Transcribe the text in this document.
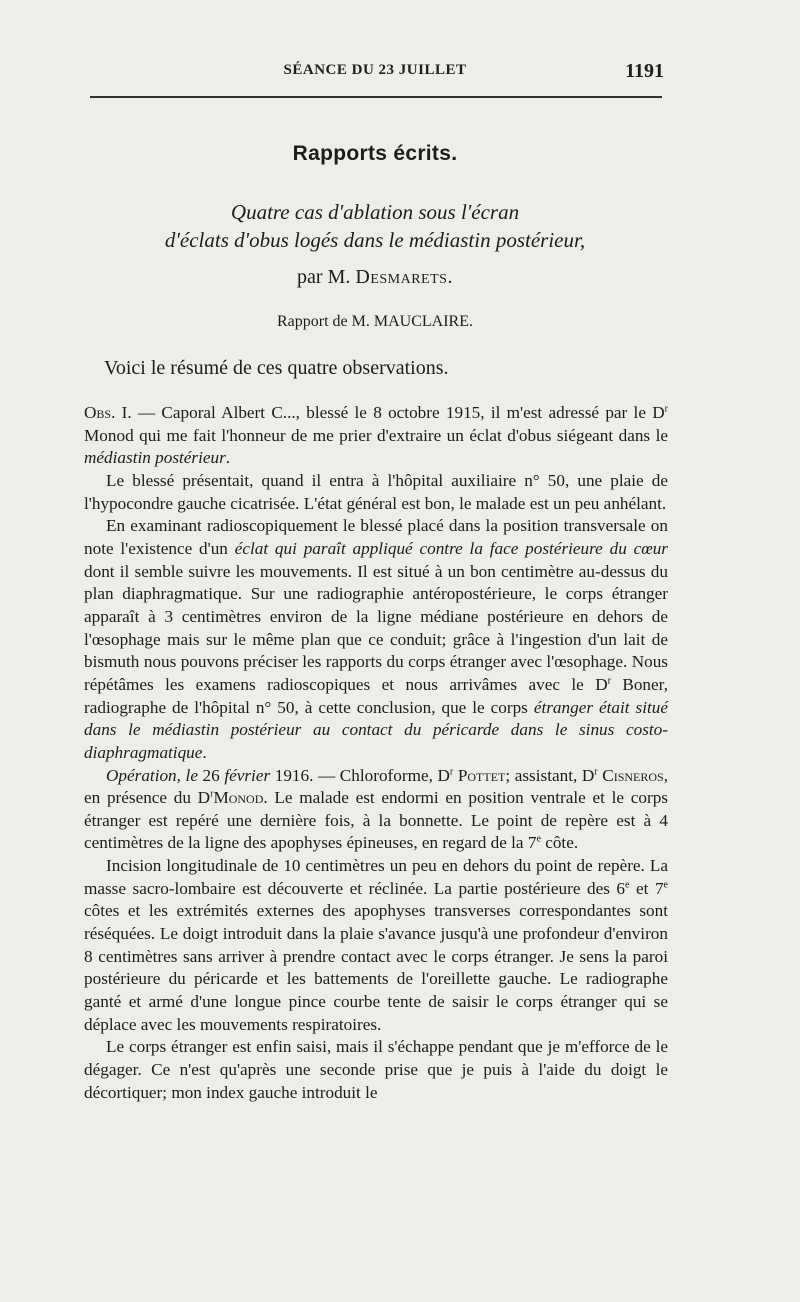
SÉANCE DU 23 JUILLET	1191
Rapports écrits.
Quatre cas d'ablation sous l'écran
d'éclats d'obus logés dans le médiastin postérieur,
par M. Desmarets.
Rapport de M. MAUCLAIRE.
Voici le résumé de ces quatre observations.

Obs. I. — Caporal Albert C..., blessé le 8 octobre 1915, il m'est adressé par le $D^r$ Monod qui me fait l'honneur de me prier d'extraire un éclat d'obus siégeant dans le médiastin postérieur.

Le blessé présentait, quand il entra à l'hôpital auxiliaire n° 50, une plaie de l'hypocondre gauche cicatrisée. L'état général est bon, le malade est un peu anhélant.

En examinant radioscopiquement le blessé placé dans la position transversale on note l'existence d'un éclat qui paraît appliqué contre la face postérieure du cœur dont il semble suivre les mouvements. Il est situé à un bon centimètre au-dessus du plan diaphragmatique. Sur une radiographie antéropostérieure, le corps étranger apparaît à 3 centimètres environ de la ligne médiane postérieure en dehors de l'œsophage mais sur le même plan que ce conduit; grâce à l'ingestion d'un lait de bismuth nous pouvons préciser les rapports du corps étranger avec l'œsophage. Nous répétâmes les examens radioscopiques et nous arrivâmes avec le $D^r$ Boner, radiographe de l'hôpital n° 50, à cette conclusion, que le corps étranger était situé dans le médiastin postérieur au contact du péricarde dans le sinus costo-diaphragmatique.

Opération, le 26 février 1916. — Chloroforme, $D^r$ Pottet; assistant, $D^r$ Cisneros, en présence du $D^rMonod$. Le malade est endormi en position ventrale et le corps étranger est repéré une dernière fois, à la bonnette. Le point de repère est à 4 centimètres de la ligne des apophyses épineuses, en regard de la 7e côte.

Incision longitudinale de 10 centimètres un peu en dehors du point de repère. La masse sacro-lombaire est découverte et réclinée. La partie postérieure des 6e et 7e côtes et les extrémités externes des apophyses transverses correspondantes sont réséquées. Le doigt introduit dans la plaie s'avance jusqu'à une profondeur d'environ 8 centimètres sans arriver à prendre contact avec le corps étranger. Je sens la paroi postérieure du péricarde et les battements de l'oreillette gauche. Le radiographe ganté et armé d'une longue pince courbe tente de saisir le corps étranger qui se déplace avec les mouvements respiratoires.

Le corps étranger est enfin saisi, mais il s'échappe pendant que je m'efforce de le dégager. Ce n'est qu'après une seconde prise que je puis à l'aide du doigt le décortiquer; mon index gauche introduit le
